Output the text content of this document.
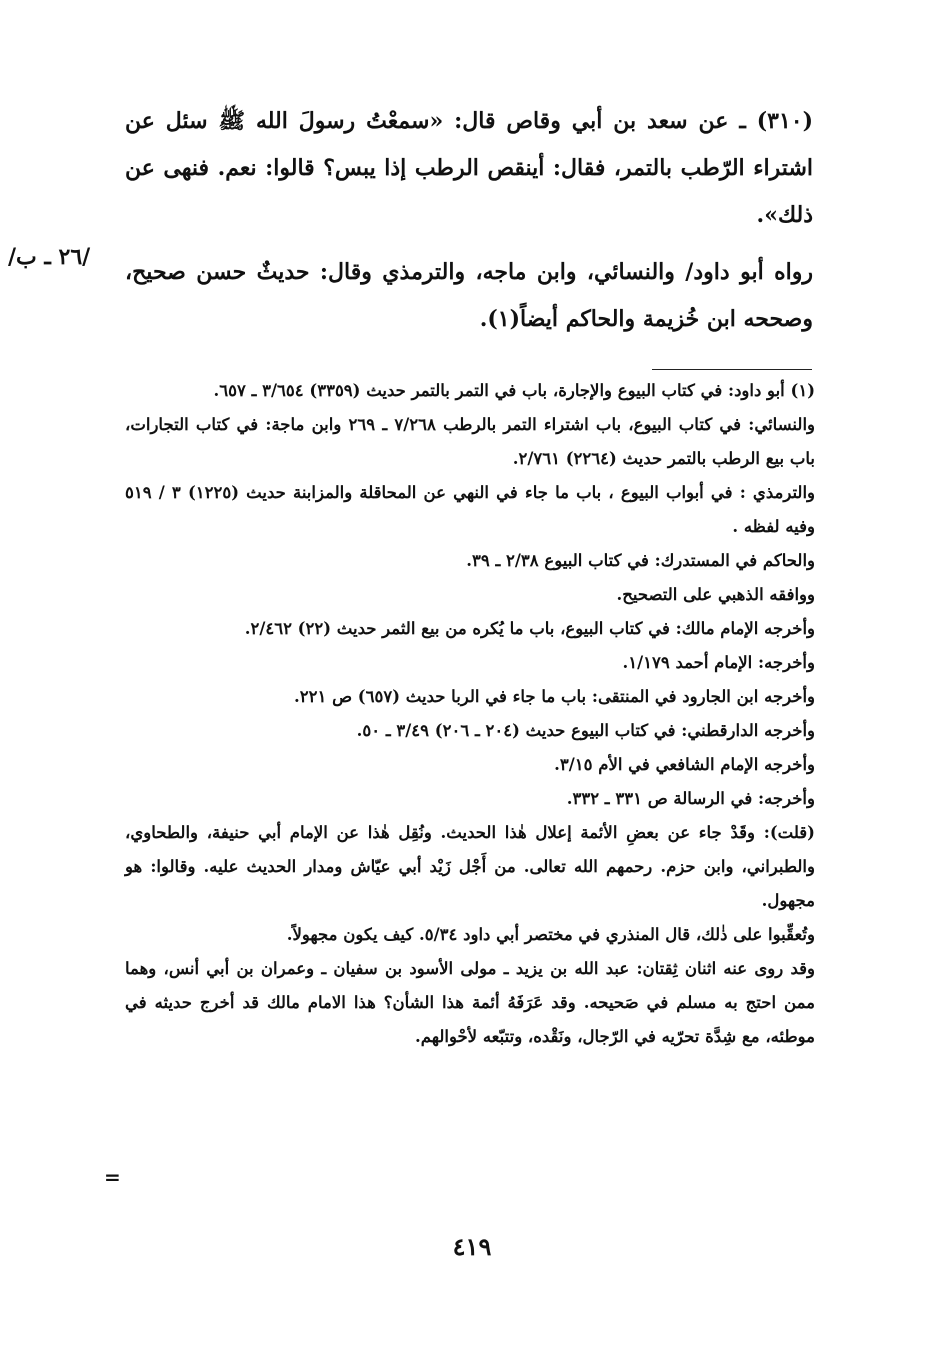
(٣١٠) ـ عن سعد بن أبي وقاص قال: «سمعْتُ رسولَ الله ﷺ سئل عن اشتراء الرّطب بالتمر، فقال: أينقص الرطب إذا يبس؟ قالوا: نعم. فنهى عن ذلك».

رواه أبو داود/ والنسائي، وابن ماجه، والترمذي وقال: حديثٌ حسن صحيح، وصححه ابن خُزيمة والحاكم أيضاً(١).

/٢٦ ـ ب/

(١) أبو داود: في كتاب البيوع والإجارة، باب في التمر بالتمر حديث (٣٣٥٩) ٣/٦٥٤ ـ ٦٥٧.

والنسائي: في كتاب البيوع، باب اشتراء التمر بالرطب ٧/٢٦٨ ـ ٢٦٩ وابن ماجة: في كتاب التجارات، باب بيع الرطب بالتمر حديث (٢٢٦٤) ٢/٧٦١.

والترمذي : في أبواب البيوع ، باب ما جاء في النهي عن المحاقلة والمزابنة حديث (١٢٢٥) ٣ / ٥١٩ وفيه لفظه .

والحاكم في المستدرك: في كتاب البيوع ٢/٣٨ ـ ٣٩.

ووافقه الذهبي على التصحيح.

وأخرجه الإمام مالك: في كتاب البيوع، باب ما يُكره من بيع الثمر حديث (٢٢) ٢/٤٦٢.

وأخرجه: الإمام أحمد ١/١٧٩.

وأخرجه ابن الجارود في المنتقى: باب ما جاء في الربا حديث (٦٥٧) ص ٢٢١.

وأخرجه الدارقطني: في كتاب البيوع حديث (٢٠٤ ـ ٢٠٦) ٣/٤٩ ـ ٥٠.

وأخرجه الإمام الشافعي في الأم ٣/١٥.

وأخرجه: في الرسالة ص ٣٣١ ـ ٣٣٢.

(قلت): وقَدْ جاء عن بعضِ الأئمة إعلال هٰذا الحديث. ونُقِل هٰذا عن الإمام أبي حنيفة، والطحاوي، والطبراني، وابن حزم. رحمهم الله تعالى. من أَجْل زَيْد أبي عيّاش ومدار الحديث عليه. وقالوا: هو مجهول.

وتُعقِّبوا على ذٰلك، قال المنذري في مختصر أبي داود ٥/٣٤. كيف يكون مجهولاً.

وقد روى عنه اثنان ثِقتان: عبد الله بن يزيد ـ مولى الأسود بن سفيان ـ وعمران بن أبي أنس، وهما ممن احتج به مسلم في صَحيحه. وقد عَرَفَهُ أئمة هذا الشأن؟ هذا الامام مالك قد أخرج حديثه في موطئه، مع شِدَّة تحرّيه في الرّجال، ونَقْده، وتتبّعه لأحْوالهم.

=
٤١٩
